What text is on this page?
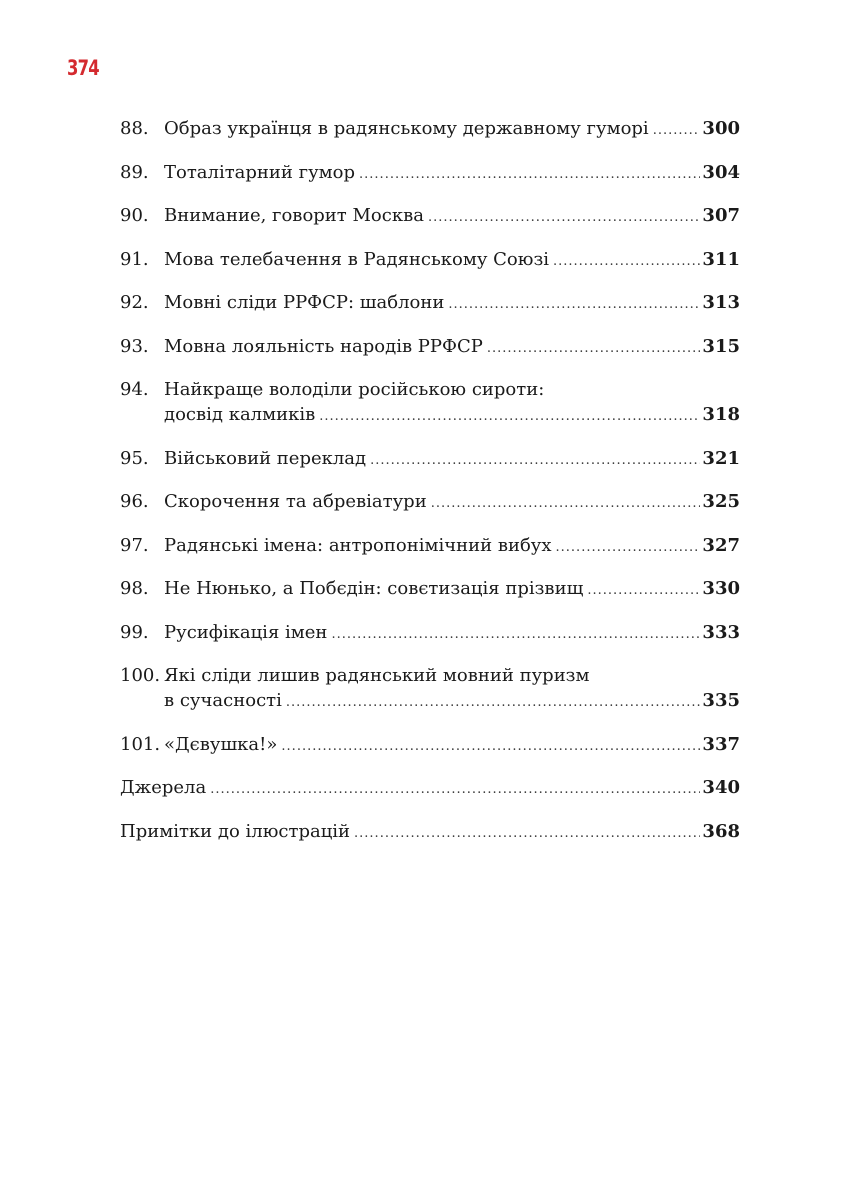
374
88. Образ українця в радянському державному гуморі .....	300
89. Тоталітарний гумор .....	304
90. Внимание, говорит Москва .....	307
91. Мова телебачення в Радянському Союзі .....	311
92. Мовні сліди РРФСР: шаблони .....	313
93. Мовна лояльність народів РРФСР .....	315
94. Найкраще володіли російською сироти:
досвід калмиків .....	318
95. Військовий переклад .....	321
96. Скорочення та абревіатури .....	325
97. Радянські імена: антропонімічний вибух .....	327
98. Не Нюнько, а Побєдін: совєтизація прізвищ .....	330
99. Русифікація імен .....	333
100. Які сліди лишив радянський мовний пуризм
в сучасності .....	335
101. «Дєвушка!» .....	337
Джерела .....	340
Примітки до ілюстрацій .....	368
